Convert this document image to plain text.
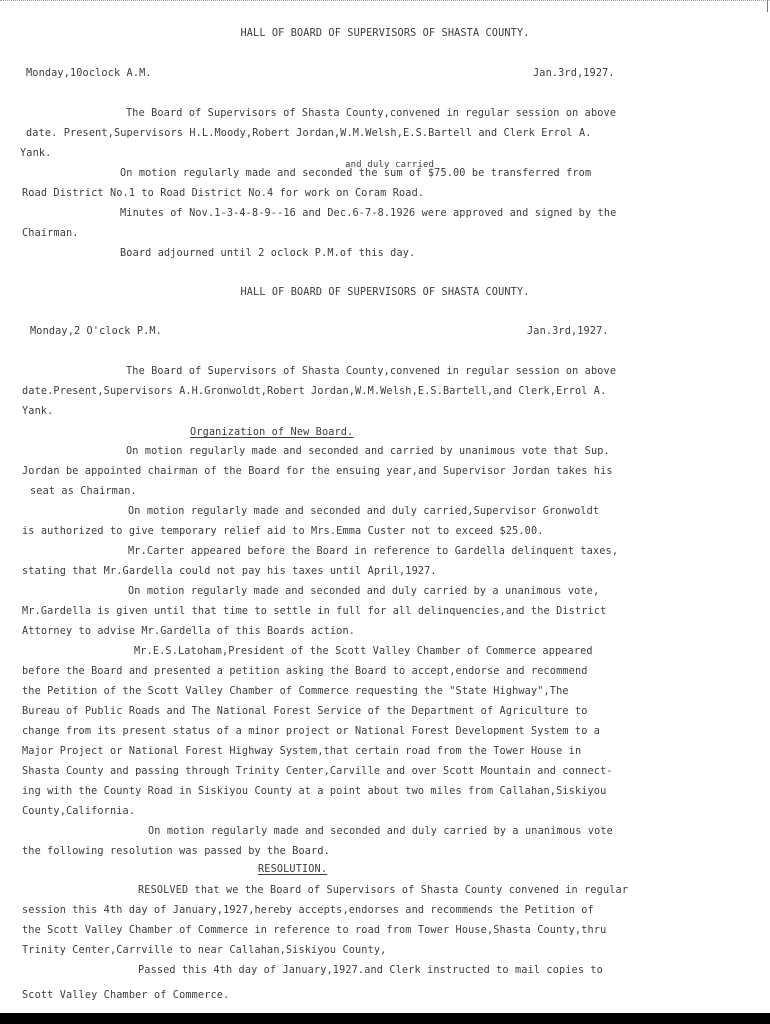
HALL OF BOARD OF SUPERVISORS OF SHASTA COUNTY.
Monday,10oclock A.M.	Jan.3rd,1927.
The Board of Supervisors of Shasta County,convened in regular session on above
date. Present,Supervisors H.L.Moody,Robert Jordan,W.M.Welsh,E.S.Bartell and Clerk Errol A.
Yank.
and duly carried
On motion regularly made and seconded the sum of $75.00 be transferred from
Road District No.1 to Road District No.4 for work on Coram Road.
Minutes of Nov.1-3-4-8-9--16 and Dec.6-7-8.1926 were approved and signed by the
Chairman.
Board adjourned until 2 oclock P.M.of this day.
HALL OF BOARD OF SUPERVISORS OF SHASTA COUNTY.
Monday,2 O'clock P.M.	Jan.3rd,1927.
The Board of Supervisors of Shasta County,convened in regular session on above
date.Present,Supervisors A.H.Gronwoldt,Robert Jordan,W.M.Welsh,E.S.Bartell,and Clerk,Errol A.
Yank.
Organization of New Board.
On motion regularly made and seconded and carried by unanimous vote that Sup.
Jordan be appointed chairman of the Board for the ensuing year,and Supervisor Jordan takes his
seat as Chairman.
On motion regularly made and seconded and duly carried,Supervisor Gronwoldt
is authorized to give temporary relief aid to Mrs.Emma Custer not to exceed $25.00.
Mr.Carter appeared before the Board in reference to Gardella delinquent taxes,
stating that Mr.Gardella could not pay his taxes until April,1927.
On motion regularly made and seconded and duly carried by a unanimous vote,
Mr.Gardella is given until that time to settle in full for all delinquencies,and the District
Attorney to advise Mr.Gardella of this Boards action.
Mr.E.S.Latoham,President of the Scott Valley Chamber of Commerce appeared
before the Board and presented a petition asking the Board to accept,endorse and recommend
the Petition of the Scott Valley Chamber of Commerce requesting the "State Highway",The
Bureau of Public Roads and The National Forest Service of the Department of Agriculture to
change from its present status of a minor project or National Forest Development System to a
Major Project or National Forest Highway System,that certain road from the Tower House in
Shasta County and passing through Trinity Center,Carville and over Scott Mountain and connect-
ing with the County Road in Siskiyou County at a point about two miles from Callahan,Siskiyou
County,California.
On motion regularly made and seconded and duly carried by a unanimous vote
the following resolution was passed by the Board.
RESOLUTION.
RESOLVED that we the Board of Supervisors of Shasta County convened in regular
session this 4th day of January,1927,hereby accepts,endorses and recommends the Petition of
the Scott Valley Chamber of Commerce in reference to road from Tower House,Shasta County,thru
Trinity Center,Carrville to near Callahan,Siskiyou County,
Passed this 4th day of January,1927.and Clerk instructed to mail copies to
Scott Valley Chamber of Commerce.
